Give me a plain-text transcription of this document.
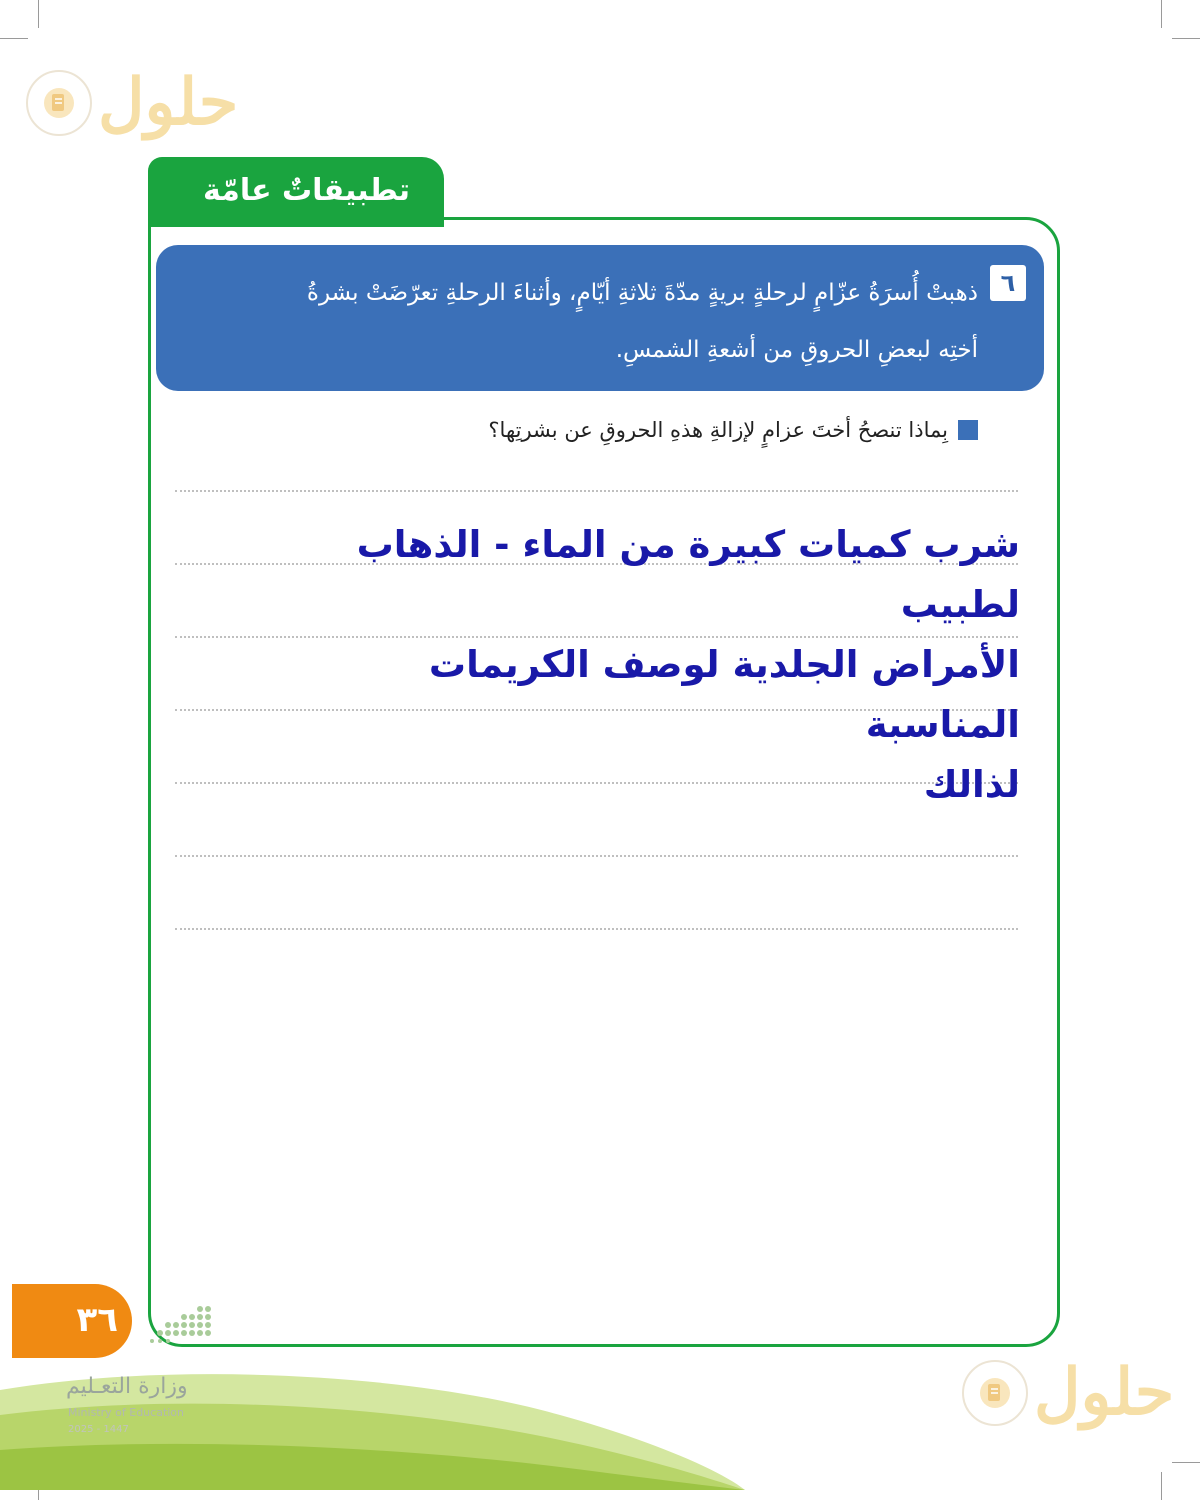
حلول
حلول
تطبيقاتٌ عامّة
٦
ذهبتْ أُسرَةُ عزّامٍ لرحلةٍ بريةٍ مدّةَ ثلاثةِ أيّامٍ، وأثناءَ الرحلةِ تعرّضَتْ بشرةُ
أختِه لبعضِ الحروقِ من أشعةِ الشمسِ.
بِماذا تنصحُ أختَ عزامٍ لإزالةِ هذهِ الحروقِ عن بشرتِها؟
شرب كميات كبيرة من الماء - الذهاب لطبيب
الأمراض الجلدية لوصف الكريمات المناسبة
لذالك
٣٦
وزارة التعـليم
Ministry of Education
2025 - 1447
